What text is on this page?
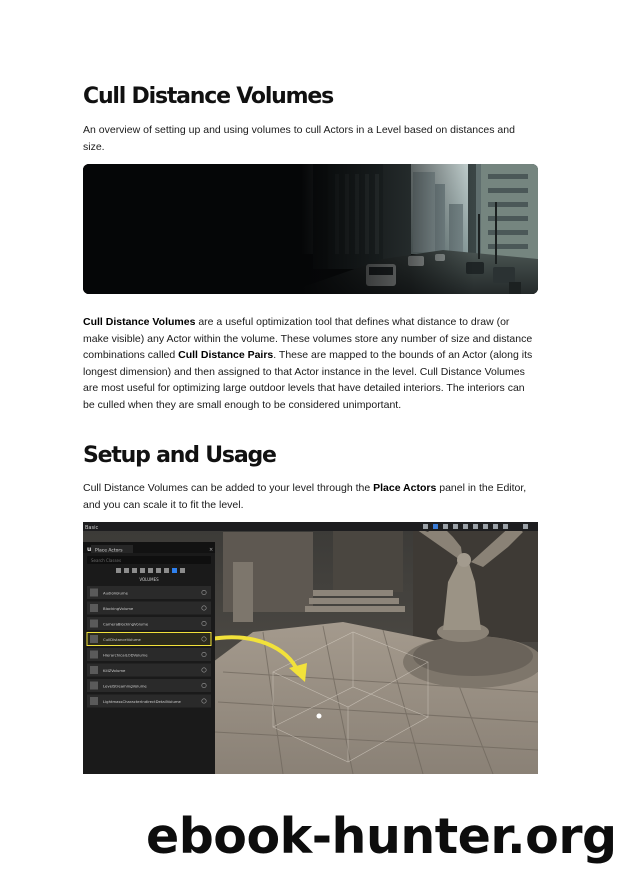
Cull Distance Volumes

An overview of setting up and using volumes to cull Actors in a Level based on distances and size.

Cull Distance Volumes are a useful optimization tool that defines what distance to draw (or make visible) any Actor within the volume. These volumes store any number of size and distance combinations called Cull Distance Pairs. These are mapped to the bounds of an Actor (along its longest dimension) and then assigned to that Actor instance in the level. Cull Distance Volumes are most useful for optimizing large outdoor levels that have detailed interiors. The interiors can be culled when they are small enough to be considered unimportant.

Setup and Usage

Cull Distance Volumes can be added to your level through the Place Actors panel in the Editor, and you can scale it to fit the level.

Basic
u Place Actors	×
Search Classes
VOLUMES
AudioVolume
BlockingVolume
CameraBlockingVolume
CullDistanceVolume
HierarchicalLODVolume
KillZVolume
LevelStreamingVolume
LightmassCharacterIndirectDetailVolume
ebook-hunter.org
